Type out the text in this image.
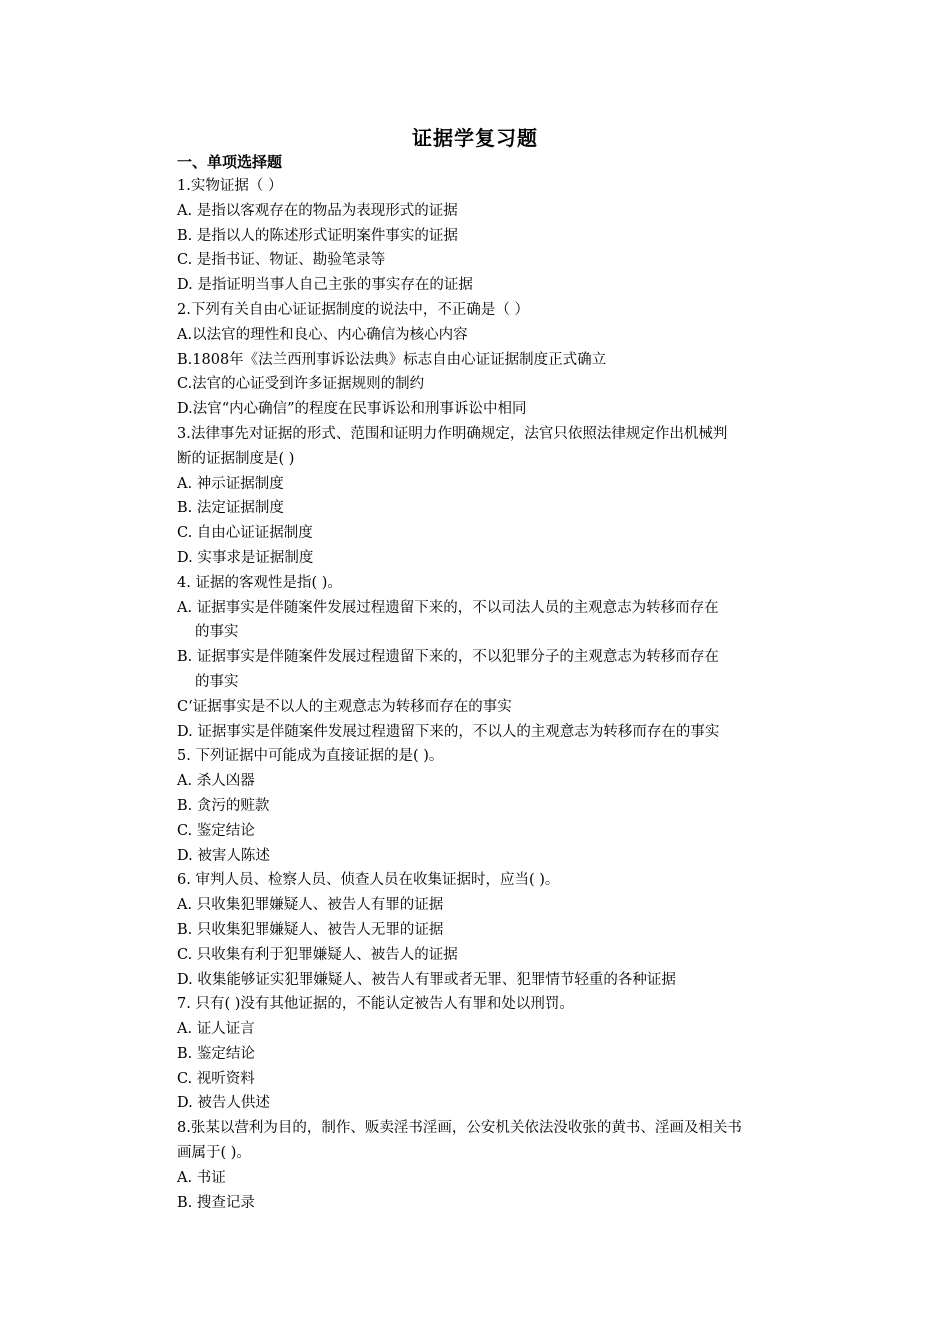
证据学复习题
一、单项选择题
1.实物证据（ ）
A. 是指以客观存在的物品为表现形式的证据
B. 是指以人的陈述形式证明案件事实的证据
C. 是指书证、物证、勘验笔录等
D. 是指证明当事人自己主张的事实存在的证据
2.下列有关自由心证证据制度的说法中，不正确是（ ）
A.以法官的理性和良心、内心确信为核心内容
B.1808年《法兰西刑事诉讼法典》标志自由心证证据制度正式确立
C.法官的心证受到许多证据规则的制约
D.法官“内心确信”的程度在民事诉讼和刑事诉讼中相同
3.法律事先对证据的形式、范围和证明力作明确规定，法官只依照法律规定作出机械判
断的证据制度是( )
A. 神示证据制度
B. 法定证据制度
C. 自由心证证据制度
D. 实事求是证据制度
4. 证据的客观性是指( )。
A. 证据事实是伴随案件发展过程遗留下来的，不以司法人员的主观意志为转移而存在
的事实
B. 证据事实是伴随案件发展过程遗留下来的，不以犯罪分子的主观意志为转移而存在
的事实
C‘证据事实是不以人的主观意志为转移而存在的事实
D. 证据事实是伴随案件发展过程遗留下来的，不以人的主观意志为转移而存在的事实
5. 下列证据中可能成为直接证据的是( )。
A. 杀人凶器
B. 贪污的赃款
C. 鉴定结论
D. 被害人陈述
6. 审判人员、检察人员、侦查人员在收集证据时，应当( )。
A. 只收集犯罪嫌疑人、被告人有罪的证据
B. 只收集犯罪嫌疑人、被告人无罪的证据
C. 只收集有利于犯罪嫌疑人、被告人的证据
D. 收集能够证实犯罪嫌疑人、被告人有罪或者无罪、犯罪情节轻重的各种证据
7. 只有( )没有其他证据的，不能认定被告人有罪和处以刑罚。
A. 证人证言
B. 鉴定结论
C. 视听资料
D. 被告人供述
8.张某以营利为目的，制作、贩卖淫书淫画，公安机关依法没收张的黄书、淫画及相关书
画属于( )。
A. 书证
B. 搜查记录
